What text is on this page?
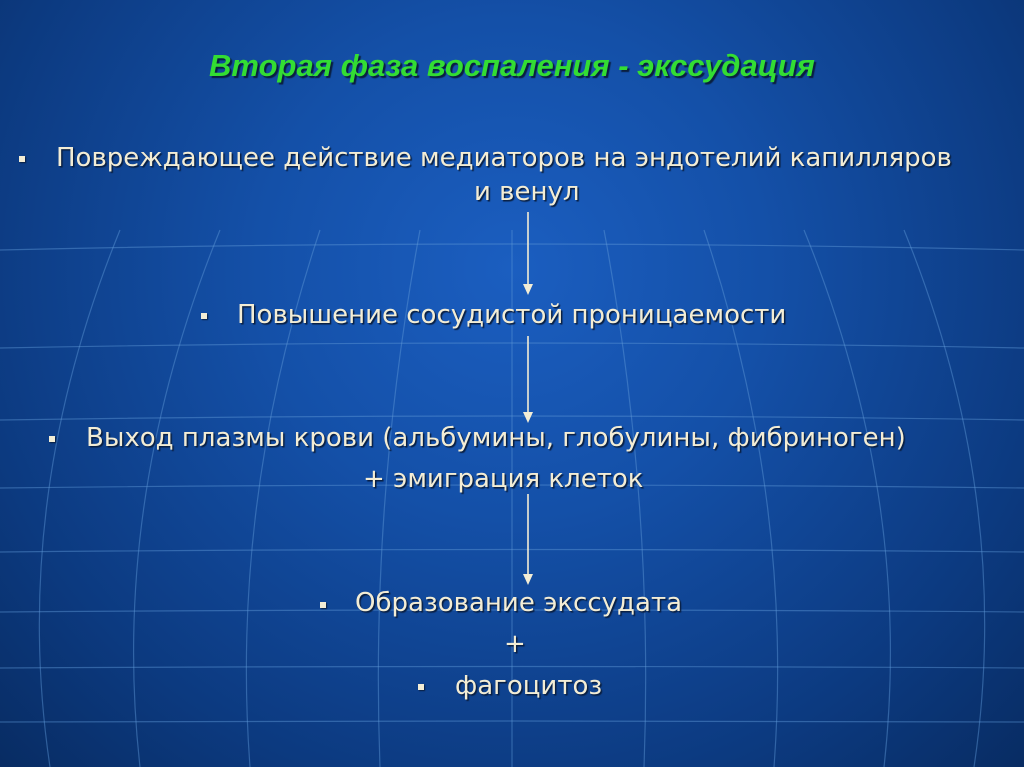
Вторая фаза воспаления - экссудация
Повреждающее действие медиаторов на эндотелий капилляров
и венул
Повышение сосудистой проницаемости
Выход плазмы крови (альбумины, глобулины, фибриноген)
+ эмиграция клеток
Образование экссудата
+
фагоцитоз
